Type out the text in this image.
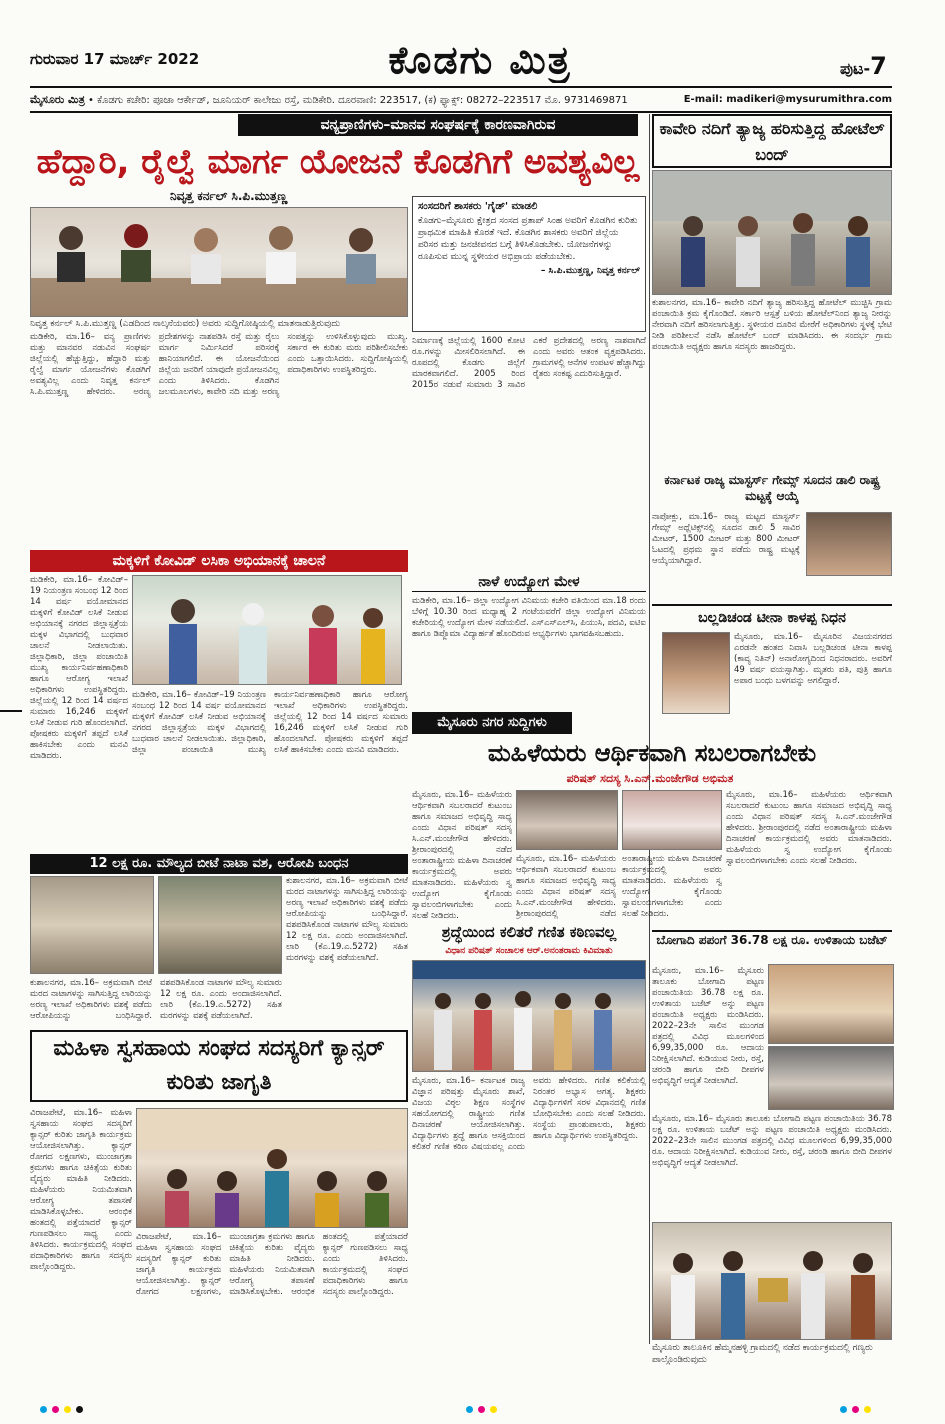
ಗುರುವಾರ 17 ಮಾರ್ಚ್ 2022	ಕೊಡಗು ಮಿತ್ರ	ಪುಟ-7
ಮೈಸೂರು ಮಿತ್ರ • ಕೊಡಗು ಕಚೇರಿ: ಪೂಜಾ ಆರ್ಕೇಡ್, ಜೂನಿಯರ್ ಕಾಲೇಜು ರಸ್ತೆ, ಮಡಿಕೇರಿ. ದೂರವಾಣಿ: 223517, (ಕ) ಫ್ಯಾಕ್ಸ್: 08272–223517 ಮೊ. 9731469871	E-mail: madikeri@mysurumithra.com
ವನ್ಯಪ್ರಾಣಿಗಳು–ಮಾನವ ಸಂಘರ್ಷಕ್ಕೆ ಕಾರಣವಾಗಿರುವ
ಹೆದ್ದಾರಿ, ರೈಲ್ವೆ ಮಾರ್ಗ ಯೋಜನೆ ಕೊಡಗಿಗೆ ಅವಶ್ಯವಿಲ್ಲ
ನಿವೃತ್ತ ಕರ್ನಲ್ ಸಿ.ಪಿ.ಮುತ್ತಣ್ಣ
ನಿವೃತ್ತ ಕರ್ನಲ್ ಸಿ.ಪಿ.ಮುತ್ತಣ್ಣ (ಎಡದಿಂದ ನಾಲ್ಕನೆಯವರು) ಅವರು ಸುದ್ದಿಗೋಷ್ಠಿಯಲ್ಲಿ ಮಾತನಾಡುತ್ತಿರುವುದು
ಮಡಿಕೇರಿ, ಮಾ.16– ವನ್ಯ ಪ್ರಾಣಿಗಳು ಮತ್ತು ಮಾನವರ ನಡುವಿನ ಸಂಘರ್ಷ ಜಿಲ್ಲೆಯಲ್ಲಿ ಹೆಚ್ಚುತ್ತಿದ್ದು, ಹೆದ್ದಾರಿ ಮತ್ತು ರೈಲ್ವೆ ಮಾರ್ಗ ಯೋಜನೆಗಳು ಕೊಡಗಿಗೆ ಅವಶ್ಯವಿಲ್ಲ ಎಂದು ನಿವೃತ್ತ ಕರ್ನಲ್ ಸಿ.ಪಿ.ಮುತ್ತಣ್ಣ ಹೇಳಿದರು. ಅರಣ್ಯ ಪ್ರದೇಶಗಳನ್ನು ನಾಶಪಡಿಸಿ ರಸ್ತೆ ಮತ್ತು ರೈಲು ಮಾರ್ಗ ನಿರ್ಮಿಸಿದರೆ ಪರಿಸರಕ್ಕೆ ಹಾನಿಯಾಗಲಿದೆ. ಈ ಯೋಜನೆಯಿಂದ ಜಿಲ್ಲೆಯ ಜನರಿಗೆ ಯಾವುದೇ ಪ್ರಯೋಜನವಿಲ್ಲ ಎಂದು ತಿಳಿಸಿದರು. ಕೊಡಗಿನ ಜಲಮೂಲಗಳು, ಕಾವೇರಿ ನದಿ ಮತ್ತು ಅರಣ್ಯ ಸಂಪತ್ತನ್ನು ಉಳಿಸಿಕೊಳ್ಳುವುದು ಮುಖ್ಯ. ಸರ್ಕಾರ ಈ ಕುರಿತು ಮರು ಪರಿಶೀಲಿಸಬೇಕು ಎಂದು ಒತ್ತಾಯಿಸಿದರು. ಸುದ್ದಿಗೋಷ್ಠಿಯಲ್ಲಿ ಪದಾಧಿಕಾರಿಗಳು ಉಪಸ್ಥಿತರಿದ್ದರು.
ನಿರ್ಮಾಣಕ್ಕೆ ಜಿಲ್ಲೆಯಲ್ಲಿ 1600 ಕೋಟಿ ರೂ.ಗಳನ್ನು ಮೀಸಲಿರಿಸಲಾಗಿದೆ. ಈ ರೂಪದಲ್ಲಿ ಕೊಡಗು ಜಿಲ್ಲೆಗೆ ಮಾರಕವಾಗಲಿದೆ. 2005 ರಿಂದ 2015ರ ನಡುವೆ ಸುಮಾರು 3 ಸಾವಿರ ಎಕರೆ ಪ್ರದೇಶದಲ್ಲಿ ಅರಣ್ಯ ನಾಶವಾಗಿದೆ ಎಂದು ಅವರು ಆತಂಕ ವ್ಯಕ್ತಪಡಿಸಿದರು. ಗ್ರಾಮಗಳಲ್ಲಿ ಆನೆಗಳ ಉಪಟಳ ಹೆಚ್ಚಾಗಿದ್ದು ರೈತರು ಸಂಕಷ್ಟ ಎದುರಿಸುತ್ತಿದ್ದಾರೆ.
ಸಂಸದರಿಗೆ ಶಾಸಕರು 'ಗೈಡ್' ಮಾಡಲಿ
ಕೊಡಗು–ಮೈಸೂರು ಕ್ಷೇತ್ರದ ಸಂಸದ ಪ್ರತಾಪ್ ಸಿಂಹ ಅವರಿಗೆ ಕೊಡಗಿನ ಕುರಿತು ಪ್ರಾಥಮಿಕ ಮಾಹಿತಿ ಕೊರತೆ ಇದೆ. ಕೊಡಗಿನ ಶಾಸಕರು ಅವರಿಗೆ ಜಿಲ್ಲೆಯ ಪರಿಸರ ಮತ್ತು ಜನಜೀವನದ ಬಗ್ಗೆ ತಿಳಿಸಿಕೊಡಬೇಕು. ಯೋಜನೆಗಳನ್ನು ರೂಪಿಸುವ ಮುನ್ನ ಸ್ಥಳೀಯರ ಅಭಿಪ್ರಾಯ ಪಡೆಯಬೇಕು.
– ಸಿ.ಪಿ.ಮುತ್ತಣ್ಣ, ನಿವೃತ್ತ ಕರ್ನಲ್
ಕಾವೇರಿ ನದಿಗೆ ತ್ಯಾಜ್ಯ ಹರಿಸುತ್ತಿದ್ದ ಹೋಟೆಲ್ ಬಂದ್
ಕುಶಾಲನಗರ, ಮಾ.16– ಕಾವೇರಿ ನದಿಗೆ ತ್ಯಾಜ್ಯ ಹರಿಸುತ್ತಿದ್ದ ಹೋಟೆಲ್ ಮುಚ್ಚಿಸಿ ಗ್ರಾಮ ಪಂಚಾಯಿತಿ ಕ್ರಮ ಕೈಗೊಂಡಿದೆ. ಸರ್ಕಾರಿ ಆಸ್ಪತ್ರೆ ಬಳಿಯ ಹೋಟೆಲ್‌ನಿಂದ ತ್ಯಾಜ್ಯ ನೀರನ್ನು ನೇರವಾಗಿ ನದಿಗೆ ಹರಿಸಲಾಗುತ್ತಿತ್ತು. ಸ್ಥಳೀಯರ ದೂರಿನ ಮೇರೆಗೆ ಅಧಿಕಾರಿಗಳು ಸ್ಥಳಕ್ಕೆ ಭೇಟಿ ನೀಡಿ ಪರಿಶೀಲನೆ ನಡೆಸಿ ಹೋಟೆಲ್ ಬಂದ್ ಮಾಡಿಸಿದರು. ಈ ಸಂದರ್ಭ ಗ್ರಾಮ ಪಂಚಾಯಿತಿ ಅಧ್ಯಕ್ಷರು ಹಾಗೂ ಸದಸ್ಯರು ಹಾಜರಿದ್ದರು.
ಕರ್ನಾಟಕ ರಾಜ್ಯ ಮಾಸ್ಟರ್ಸ್ ಗೇಮ್ಸ್ ಸೂದನ ಡಾಲಿ ರಾಷ್ಟ್ರ ಮಟ್ಟಕ್ಕೆ ಆಯ್ಕೆ
ನಾಪೋಕ್ಲು, ಮಾ.16– ರಾಜ್ಯ ಮಟ್ಟದ ಮಾಸ್ಟರ್ಸ್ ಗೇಮ್ಸ್ ಅಥ್ಲೆಟಿಕ್ಸ್‌ನಲ್ಲಿ ಸೂದನ ಡಾಲಿ 5 ಸಾವಿರ ಮೀಟರ್, 1500 ಮೀಟರ್ ಮತ್ತು 800 ಮೀಟರ್ ಓಟದಲ್ಲಿ ಪ್ರಥಮ ಸ್ಥಾನ ಪಡೆದು ರಾಷ್ಟ್ರ ಮಟ್ಟಕ್ಕೆ ಆಯ್ಕೆಯಾಗಿದ್ದಾರೆ.
ಮಕ್ಕಳಿಗೆ ಕೋವಿಡ್ ಲಸಿಕಾ ಅಭಿಯಾನಕ್ಕೆ ಚಾಲನೆ
ಮಡಿಕೇರಿ, ಮಾ.16– ಕೋವಿಡ್–19 ನಿಯಂತ್ರಣ ಸಂಬಂಧ 12 ರಿಂದ 14 ವರ್ಷ ವಯೋಮಾನದ ಮಕ್ಕಳಿಗೆ ಕೋವಿಡ್ ಲಸಿಕೆ ನೀಡುವ ಅಭಿಯಾನಕ್ಕೆ ನಗರದ ಜಿಲ್ಲಾಸ್ಪತ್ರೆಯ ಮಕ್ಕಳ ವಿಭಾಗದಲ್ಲಿ ಬುಧವಾರ ಚಾಲನೆ ನೀಡಲಾಯಿತು. ಜಿಲ್ಲಾಧಿಕಾರಿ, ಜಿಲ್ಲಾ ಪಂಚಾಯಿತಿ ಮುಖ್ಯ ಕಾರ್ಯನಿರ್ವಹಣಾಧಿಕಾರಿ ಹಾಗೂ ಆರೋಗ್ಯ ಇಲಾಖೆ ಅಧಿಕಾರಿಗಳು ಉಪಸ್ಥಿತರಿದ್ದರು. ಜಿಲ್ಲೆಯಲ್ಲಿ 12 ರಿಂದ 14 ವರ್ಷದ ಸುಮಾರು 16,246 ಮಕ್ಕಳಿಗೆ ಲಸಿಕೆ ನೀಡುವ ಗುರಿ ಹೊಂದಲಾಗಿದೆ. ಪೋಷಕರು ಮಕ್ಕಳಿಗೆ ತಪ್ಪದೆ ಲಸಿಕೆ ಹಾಕಿಸಬೇಕು ಎಂದು ಮನವಿ ಮಾಡಿದರು.
ಮಡಿಕೇರಿ, ಮಾ.16– ಕೋವಿಡ್–19 ನಿಯಂತ್ರಣ ಸಂಬಂಧ 12 ರಿಂದ 14 ವರ್ಷ ವಯೋಮಾನದ ಮಕ್ಕಳಿಗೆ ಕೋವಿಡ್ ಲಸಿಕೆ ನೀಡುವ ಅಭಿಯಾನಕ್ಕೆ ನಗರದ ಜಿಲ್ಲಾಸ್ಪತ್ರೆಯ ಮಕ್ಕಳ ವಿಭಾಗದಲ್ಲಿ ಬುಧವಾರ ಚಾಲನೆ ನೀಡಲಾಯಿತು. ಜಿಲ್ಲಾಧಿಕಾರಿ, ಜಿಲ್ಲಾ ಪಂಚಾಯಿತಿ ಮುಖ್ಯ ಕಾರ್ಯನಿರ್ವಹಣಾಧಿಕಾರಿ ಹಾಗೂ ಆರೋಗ್ಯ ಇಲಾಖೆ ಅಧಿಕಾರಿಗಳು ಉಪಸ್ಥಿತರಿದ್ದರು. ಜಿಲ್ಲೆಯಲ್ಲಿ 12 ರಿಂದ 14 ವರ್ಷದ ಸುಮಾರು 16,246 ಮಕ್ಕಳಿಗೆ ಲಸಿಕೆ ನೀಡುವ ಗುರಿ ಹೊಂದಲಾಗಿದೆ. ಪೋಷಕರು ಮಕ್ಕಳಿಗೆ ತಪ್ಪದೆ ಲಸಿಕೆ ಹಾಕಿಸಬೇಕು ಎಂದು ಮನವಿ ಮಾಡಿದರು.
ನಾಳೆ ಉದ್ಯೋಗ ಮೇಳ
ಮಡಿಕೇರಿ, ಮಾ.16– ಜಿಲ್ಲಾ ಉದ್ಯೋಗ ವಿನಿಮಯ ಕಚೇರಿ ವತಿಯಿಂದ ಮಾ.18 ರಂದು ಬೆಳಿಗ್ಗೆ 10.30 ರಿಂದ ಮಧ್ಯಾಹ್ನ 2 ಗಂಟೆಯವರೆಗೆ ಜಿಲ್ಲಾ ಉದ್ಯೋಗ ವಿನಿಮಯ ಕಚೇರಿಯಲ್ಲಿ ಉದ್ಯೋಗ ಮೇಳ ನಡೆಯಲಿದೆ. ಎಸ್‌ಎಸ್‌ಎಲ್‌ಸಿ, ಪಿಯುಸಿ, ಪದವಿ, ಐಟಿಐ ಹಾಗೂ ಡಿಪ್ಲೊಮಾ ವಿದ್ಯಾರ್ಹತೆ ಹೊಂದಿರುವ ಅಭ್ಯರ್ಥಿಗಳು ಭಾಗವಹಿಸಬಹುದು.
ಬಲ್ಲಡಿಚಂಡ ಟೀನಾ ಕಾಳಪ್ಪ ನಿಧನ
ಮೈಸೂರು, ಮಾ.16– ಮೈಸೂರಿನ ವಿಜಯನಗರದ ಎರಡನೇ ಹಂತದ ನಿವಾಸಿ ಬಲ್ಲಡಿಚಂಡ ಟೀನಾ ಕಾಳಪ್ಪ (ಕಾವ್ಯ ನಿತಿನ್) ಅನಾರೋಗ್ಯದಿಂದ ನಿಧನರಾದರು. ಅವರಿಗೆ 49 ವರ್ಷ ವಯಸ್ಸಾಗಿತ್ತು. ಮೃತರು ಪತಿ, ಪುತ್ರಿ ಹಾಗೂ ಅಪಾರ ಬಂಧು ಬಳಗವನ್ನು ಅಗಲಿದ್ದಾರೆ.
ಮೈಸೂರು ನಗರ ಸುದ್ದಿಗಳು
ಮಹಿಳೆಯರು ಆರ್ಥಿಕವಾಗಿ ಸಬಲರಾಗಬೇಕು
ಪರಿಷತ್ ಸದಸ್ಯ ಸಿ.ಎನ್.ಮಂಜೇಗೌಡ ಅಭಿಮತ
ಮೈಸೂರು, ಮಾ.16– ಮಹಿಳೆಯರು ಆರ್ಥಿಕವಾಗಿ ಸಬಲರಾದರೆ ಕುಟುಂಬ ಹಾಗೂ ಸಮಾಜದ ಅಭಿವೃದ್ಧಿ ಸಾಧ್ಯ ಎಂದು ವಿಧಾನ ಪರಿಷತ್ ಸದಸ್ಯ ಸಿ.ಎನ್.ಮಂಜೇಗೌಡ ಹೇಳಿದರು. ಶ್ರೀರಾಂಪುರದಲ್ಲಿ ನಡೆದ ಅಂತಾರಾಷ್ಟ್ರೀಯ ಮಹಿಳಾ ದಿನಾಚರಣೆ ಕಾರ್ಯಕ್ರಮದಲ್ಲಿ ಅವರು ಮಾತನಾಡಿದರು. ಮಹಿಳೆಯರು ಸ್ವ ಉದ್ಯೋಗ ಕೈಗೊಂಡು ಸ್ವಾವಲಂಬಿಗಳಾಗಬೇಕು ಎಂದು ಸಲಹೆ ನೀಡಿದರು.
ಮೈಸೂರು, ಮಾ.16– ಮಹಿಳೆಯರು ಆರ್ಥಿಕವಾಗಿ ಸಬಲರಾದರೆ ಕುಟುಂಬ ಹಾಗೂ ಸಮಾಜದ ಅಭಿವೃದ್ಧಿ ಸಾಧ್ಯ ಎಂದು ವಿಧಾನ ಪರಿಷತ್ ಸದಸ್ಯ ಸಿ.ಎನ್.ಮಂಜೇಗೌಡ ಹೇಳಿದರು. ಶ್ರೀರಾಂಪುರದಲ್ಲಿ ನಡೆದ ಅಂತಾರಾಷ್ಟ್ರೀಯ ಮಹಿಳಾ ದಿನಾಚರಣೆ ಕಾರ್ಯಕ್ರಮದಲ್ಲಿ ಅವರು ಮಾತನಾಡಿದರು. ಮಹಿಳೆಯರು ಸ್ವ ಉದ್ಯೋಗ ಕೈಗೊಂಡು ಸ್ವಾವಲಂಬಿಗಳಾಗಬೇಕು ಎಂದು ಸಲಹೆ ನೀಡಿದರು.
ಮೈಸೂರು, ಮಾ.16– ಮಹಿಳೆಯರು ಆರ್ಥಿಕವಾಗಿ ಸಬಲರಾದರೆ ಕುಟುಂಬ ಹಾಗೂ ಸಮಾಜದ ಅಭಿವೃದ್ಧಿ ಸಾಧ್ಯ ಎಂದು ವಿಧಾನ ಪರಿಷತ್ ಸದಸ್ಯ ಸಿ.ಎನ್.ಮಂಜೇಗೌಡ ಹೇಳಿದರು. ಶ್ರೀರಾಂಪುರದಲ್ಲಿ ನಡೆದ ಅಂತಾರಾಷ್ಟ್ರೀಯ ಮಹಿಳಾ ದಿನಾಚರಣೆ ಕಾರ್ಯಕ್ರಮದಲ್ಲಿ ಅವರು ಮಾತನಾಡಿದರು. ಮಹಿಳೆಯರು ಸ್ವ ಉದ್ಯೋಗ ಕೈಗೊಂಡು ಸ್ವಾವಲಂಬಿಗಳಾಗಬೇಕು ಎಂದು ಸಲಹೆ ನೀಡಿದರು.
12 ಲಕ್ಷ ರೂ. ಮೌಲ್ಯದ ಬೀಟೆ ನಾಟಾ ವಶ, ಆರೋಪಿ ಬಂಧನ
ಕುಶಾಲನಗರ, ಮಾ.16– ಅಕ್ರಮವಾಗಿ ಬೀಟೆ ಮರದ ನಾಟಾಗಳನ್ನು ಸಾಗಿಸುತ್ತಿದ್ದ ಲಾರಿಯನ್ನು ಅರಣ್ಯ ಇಲಾಖೆ ಅಧಿಕಾರಿಗಳು ವಶಕ್ಕೆ ಪಡೆದು ಆರೋಪಿಯನ್ನು ಬಂಧಿಸಿದ್ದಾರೆ. ವಶಪಡಿಸಿಕೊಂಡ ನಾಟಾಗಳ ಮೌಲ್ಯ ಸುಮಾರು 12 ಲಕ್ಷ ರೂ. ಎಂದು ಅಂದಾಜಿಸಲಾಗಿದೆ. ಲಾರಿ (ಕೆಎ.19.ಎ.5272) ಸಹಿತ ಮರಗಳನ್ನು ವಶಕ್ಕೆ ಪಡೆಯಲಾಗಿದೆ.
ಕುಶಾಲನಗರ, ಮಾ.16– ಅಕ್ರಮವಾಗಿ ಬೀಟೆ ಮರದ ನಾಟಾಗಳನ್ನು ಸಾಗಿಸುತ್ತಿದ್ದ ಲಾರಿಯನ್ನು ಅರಣ್ಯ ಇಲಾಖೆ ಅಧಿಕಾರಿಗಳು ವಶಕ್ಕೆ ಪಡೆದು ಆರೋಪಿಯನ್ನು ಬಂಧಿಸಿದ್ದಾರೆ. ವಶಪಡಿಸಿಕೊಂಡ ನಾಟಾಗಳ ಮೌಲ್ಯ ಸುಮಾರು 12 ಲಕ್ಷ ರೂ. ಎಂದು ಅಂದಾಜಿಸಲಾಗಿದೆ. ಲಾರಿ (ಕೆಎ.19.ಎ.5272) ಸಹಿತ ಮರಗಳನ್ನು ವಶಕ್ಕೆ ಪಡೆಯಲಾಗಿದೆ.
ಮಹಿಳಾ ಸ್ವಸಹಾಯ ಸಂಘದ ಸದಸ್ಯರಿಗೆ ಕ್ಯಾನ್ಸರ್ ಕುರಿತು ಜಾಗೃತಿ
ವಿರಾಜಪೇಟೆ, ಮಾ.16– ಮಹಿಳಾ ಸ್ವಸಹಾಯ ಸಂಘದ ಸದಸ್ಯರಿಗೆ ಕ್ಯಾನ್ಸರ್ ಕುರಿತು ಜಾಗೃತಿ ಕಾರ್ಯಕ್ರಮ ಆಯೋಜಿಸಲಾಗಿತ್ತು. ಕ್ಯಾನ್ಸರ್ ರೋಗದ ಲಕ್ಷಣಗಳು, ಮುಂಜಾಗ್ರತಾ ಕ್ರಮಗಳು ಹಾಗೂ ಚಿಕಿತ್ಸೆಯ ಕುರಿತು ವೈದ್ಯರು ಮಾಹಿತಿ ನೀಡಿದರು. ಮಹಿಳೆಯರು ನಿಯಮಿತವಾಗಿ ಆರೋಗ್ಯ ತಪಾಸಣೆ ಮಾಡಿಸಿಕೊಳ್ಳಬೇಕು. ಆರಂಭಿಕ ಹಂತದಲ್ಲಿ ಪತ್ತೆಯಾದರೆ ಕ್ಯಾನ್ಸರ್ ಗುಣಪಡಿಸಲು ಸಾಧ್ಯ ಎಂದು ತಿಳಿಸಿದರು. ಕಾರ್ಯಕ್ರಮದಲ್ಲಿ ಸಂಘದ ಪದಾಧಿಕಾರಿಗಳು ಹಾಗೂ ಸದಸ್ಯರು ಪಾಲ್ಗೊಂಡಿದ್ದರು.
ವಿರಾಜಪೇಟೆ, ಮಾ.16– ಮಹಿಳಾ ಸ್ವಸಹಾಯ ಸಂಘದ ಸದಸ್ಯರಿಗೆ ಕ್ಯಾನ್ಸರ್ ಕುರಿತು ಜಾಗೃತಿ ಕಾರ್ಯಕ್ರಮ ಆಯೋಜಿಸಲಾಗಿತ್ತು. ಕ್ಯಾನ್ಸರ್ ರೋಗದ ಲಕ್ಷಣಗಳು, ಮುಂಜಾಗ್ರತಾ ಕ್ರಮಗಳು ಹಾಗೂ ಚಿಕಿತ್ಸೆಯ ಕುರಿತು ವೈದ್ಯರು ಮಾಹಿತಿ ನೀಡಿದರು. ಮಹಿಳೆಯರು ನಿಯಮಿತವಾಗಿ ಆರೋಗ್ಯ ತಪಾಸಣೆ ಮಾಡಿಸಿಕೊಳ್ಳಬೇಕು. ಆರಂಭಿಕ ಹಂತದಲ್ಲಿ ಪತ್ತೆಯಾದರೆ ಕ್ಯಾನ್ಸರ್ ಗುಣಪಡಿಸಲು ಸಾಧ್ಯ ಎಂದು ತಿಳಿಸಿದರು. ಕಾರ್ಯಕ್ರಮದಲ್ಲಿ ಸಂಘದ ಪದಾಧಿಕಾರಿಗಳು ಹಾಗೂ ಸದಸ್ಯರು ಪಾಲ್ಗೊಂಡಿದ್ದರು.
ಶ್ರದ್ಧೆಯಿಂದ ಕಲಿತರೆ ಗಣಿತ ಕಠಿಣವಲ್ಲ
ವಿಧಾನ ಪರಿಷತ್ ಸಂಚಾಲಕ ಆರ್.ಅನಂತರಾಮ ಕಿವಿಮಾತು
ಮೈಸೂರು, ಮಾ.16– ಕರ್ನಾಟಕ ರಾಜ್ಯ ವಿಜ್ಞಾನ ಪರಿಷತ್ತು ಮೈಸೂರು ಶಾಖೆ, ವಿಜಯ ವಿಠ್ಠಲ ಶಿಕ್ಷಣ ಸಂಸ್ಥೆಗಳ ಸಹಯೋಗದಲ್ಲಿ ರಾಷ್ಟ್ರೀಯ ಗಣಿತ ದಿನಾಚರಣೆ ಆಯೋಜಿಸಲಾಗಿತ್ತು. ವಿದ್ಯಾರ್ಥಿಗಳು ಶ್ರದ್ಧೆ ಹಾಗೂ ಆಸಕ್ತಿಯಿಂದ ಕಲಿತರೆ ಗಣಿತ ಕಠಿಣ ವಿಷಯವಲ್ಲ ಎಂದು ಅವರು ಹೇಳಿದರು. ಗಣಿತ ಕಲಿಕೆಯಲ್ಲಿ ನಿರಂತರ ಅಭ್ಯಾಸ ಅಗತ್ಯ. ಶಿಕ್ಷಕರು ವಿದ್ಯಾರ್ಥಿಗಳಿಗೆ ಸರಳ ವಿಧಾನದಲ್ಲಿ ಗಣಿತ ಬೋಧಿಸಬೇಕು ಎಂದು ಸಲಹೆ ನೀಡಿದರು. ಸಂಸ್ಥೆಯ ಪ್ರಾಂಶುಪಾಲರು, ಶಿಕ್ಷಕರು ಹಾಗೂ ವಿದ್ಯಾರ್ಥಿಗಳು ಉಪಸ್ಥಿತರಿದ್ದರು.
ಬೋಗಾದಿ ಪಪಂಗೆ 36.78 ಲಕ್ಷ ರೂ. ಉಳಿತಾಯ ಬಜೆಟ್
ಮೈಸೂರು, ಮಾ.16– ಮೈಸೂರು ತಾಲೂಕು ಬೋಗಾದಿ ಪಟ್ಟಣ ಪಂಚಾಯಿತಿಯ 36.78 ಲಕ್ಷ ರೂ. ಉಳಿತಾಯ ಬಜೆಟ್ ಅನ್ನು ಪಟ್ಟಣ ಪಂಚಾಯಿತಿ ಅಧ್ಯಕ್ಷರು ಮಂಡಿಸಿದರು. 2022–23ನೇ ಸಾಲಿನ ಮುಂಗಡ ಪತ್ರದಲ್ಲಿ ವಿವಿಧ ಮೂಲಗಳಿಂದ 6,99,35,000 ರೂ. ಆದಾಯ ನಿರೀಕ್ಷಿಸಲಾಗಿದೆ. ಕುಡಿಯುವ ನೀರು, ರಸ್ತೆ, ಚರಂಡಿ ಹಾಗೂ ಬೀದಿ ದೀಪಗಳ ಅಭಿವೃದ್ಧಿಗೆ ಆದ್ಯತೆ ನೀಡಲಾಗಿದೆ.
ಮೈಸೂರು, ಮಾ.16– ಮೈಸೂರು ತಾಲೂಕು ಬೋಗಾದಿ ಪಟ್ಟಣ ಪಂಚಾಯಿತಿಯ 36.78 ಲಕ್ಷ ರೂ. ಉಳಿತಾಯ ಬಜೆಟ್ ಅನ್ನು ಪಟ್ಟಣ ಪಂಚಾಯಿತಿ ಅಧ್ಯಕ್ಷರು ಮಂಡಿಸಿದರು. 2022–23ನೇ ಸಾಲಿನ ಮುಂಗಡ ಪತ್ರದಲ್ಲಿ ವಿವಿಧ ಮೂಲಗಳಿಂದ 6,99,35,000 ರೂ. ಆದಾಯ ನಿರೀಕ್ಷಿಸಲಾಗಿದೆ. ಕುಡಿಯುವ ನೀರು, ರಸ್ತೆ, ಚರಂಡಿ ಹಾಗೂ ಬೀದಿ ದೀಪಗಳ ಅಭಿವೃದ್ಧಿಗೆ ಆದ್ಯತೆ ನೀಡಲಾಗಿದೆ.
ಮೈಸೂರು ತಾಲೂಕಿನ ಹೆಮ್ಮನಹಳ್ಳಿ ಗ್ರಾಮದಲ್ಲಿ ನಡೆದ ಕಾರ್ಯಕ್ರಮದಲ್ಲಿ ಗಣ್ಯರು ಪಾಲ್ಗೊಂಡಿರುವುದು
